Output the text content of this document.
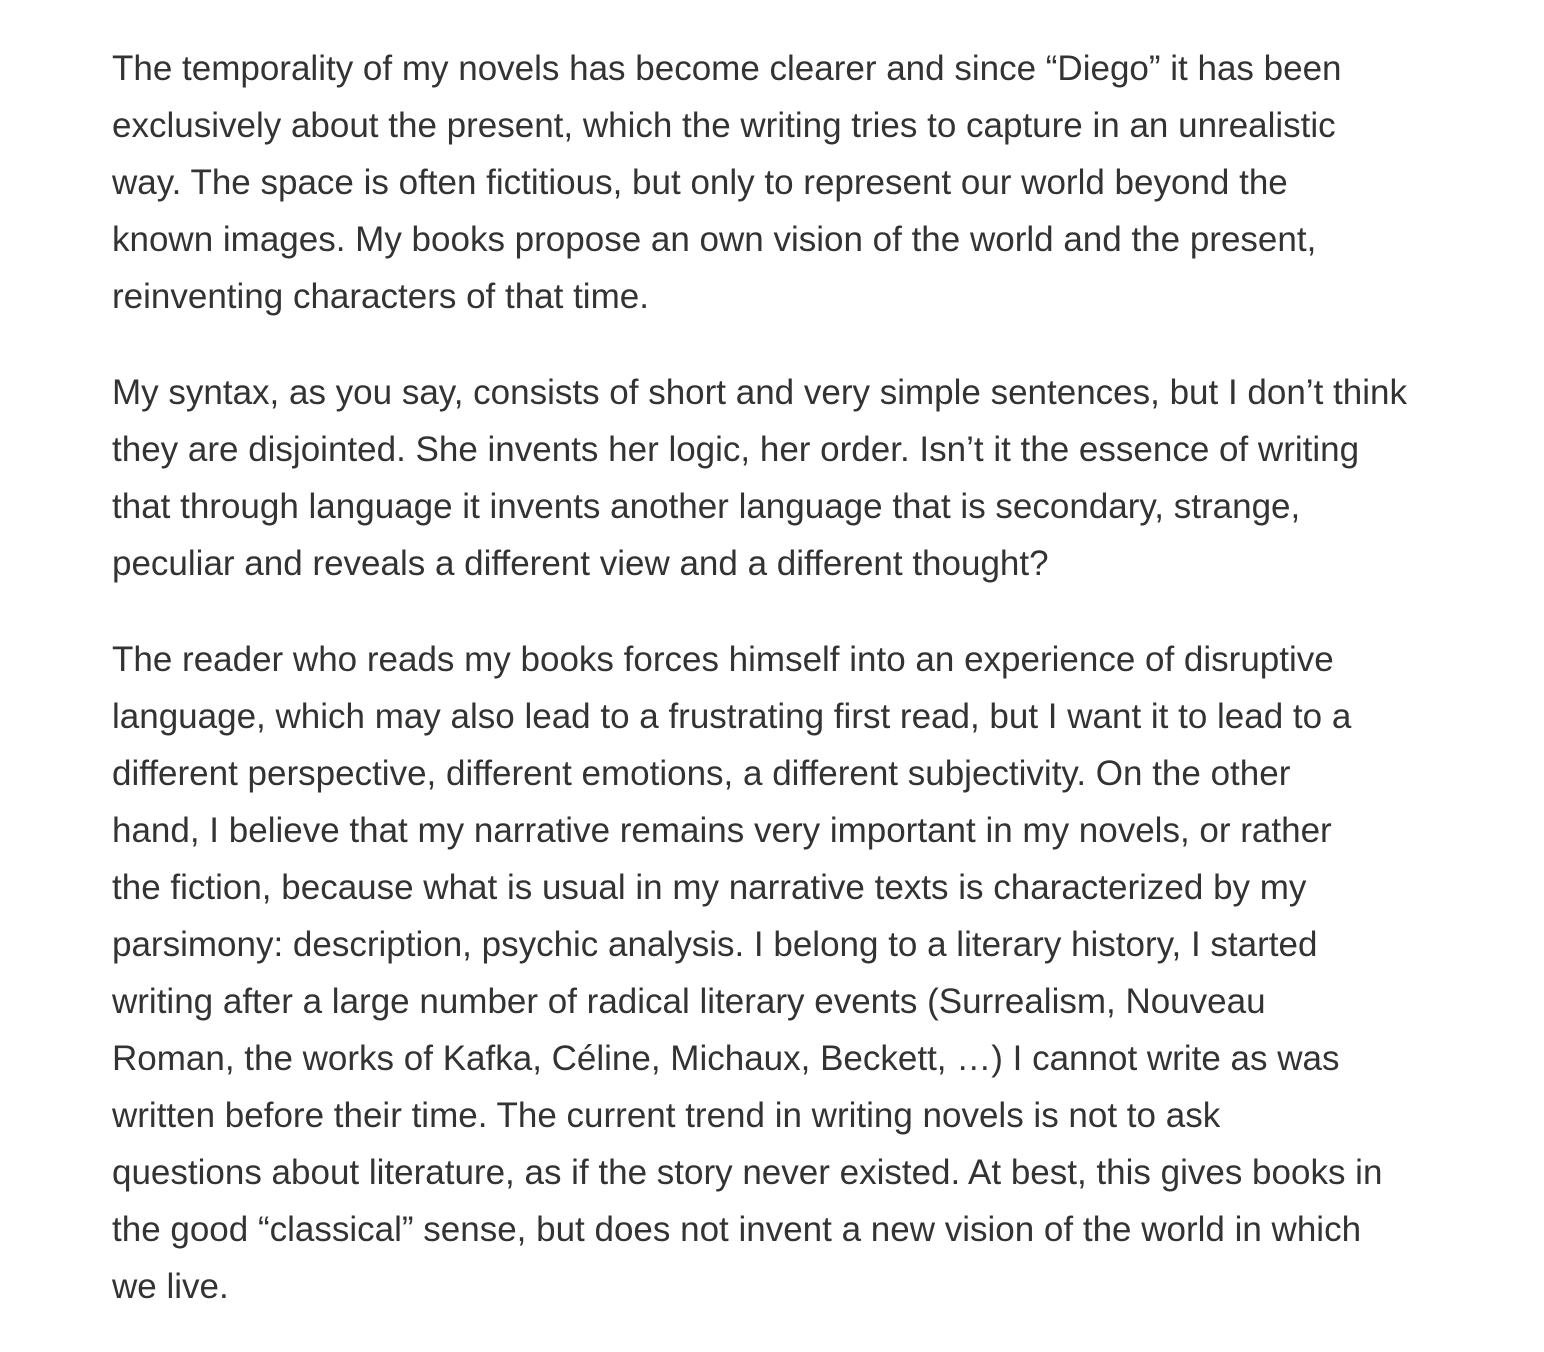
The temporality of my novels has become clearer and since “Diego” it has been
exclusively about the present, which the writing tries to capture in an unrealistic
way. The space is often fictitious, but only to represent our world beyond the
known images. My books propose an own vision of the world and the present,
reinventing characters of that time.

My syntax, as you say, consists of short and very simple sentences, but I don’t think
they are disjointed. She invents her logic, her order. Isn’t it the essence of writing
that through language it invents another language that is secondary, strange,
peculiar and reveals a different view and a different thought?

The reader who reads my books forces himself into an experience of disruptive
language, which may also lead to a frustrating first read, but I want it to lead to a
different perspective, different emotions, a different subjectivity. On the other
hand, I believe that my narrative remains very important in my novels, or rather
the fiction, because what is usual in my narrative texts is characterized by my
parsimony: description, psychic analysis. I belong to a literary history, I started
writing after a large number of radical literary events (Surrealism, Nouveau
Roman, the works of Kafka, Céline, Michaux, Beckett, …) I cannot write as was
written before their time. The current trend in writing novels is not to ask
questions about literature, as if the story never existed. At best, this gives books in
the good “classical” sense, but does not invent a new vision of the world in which
we live.
